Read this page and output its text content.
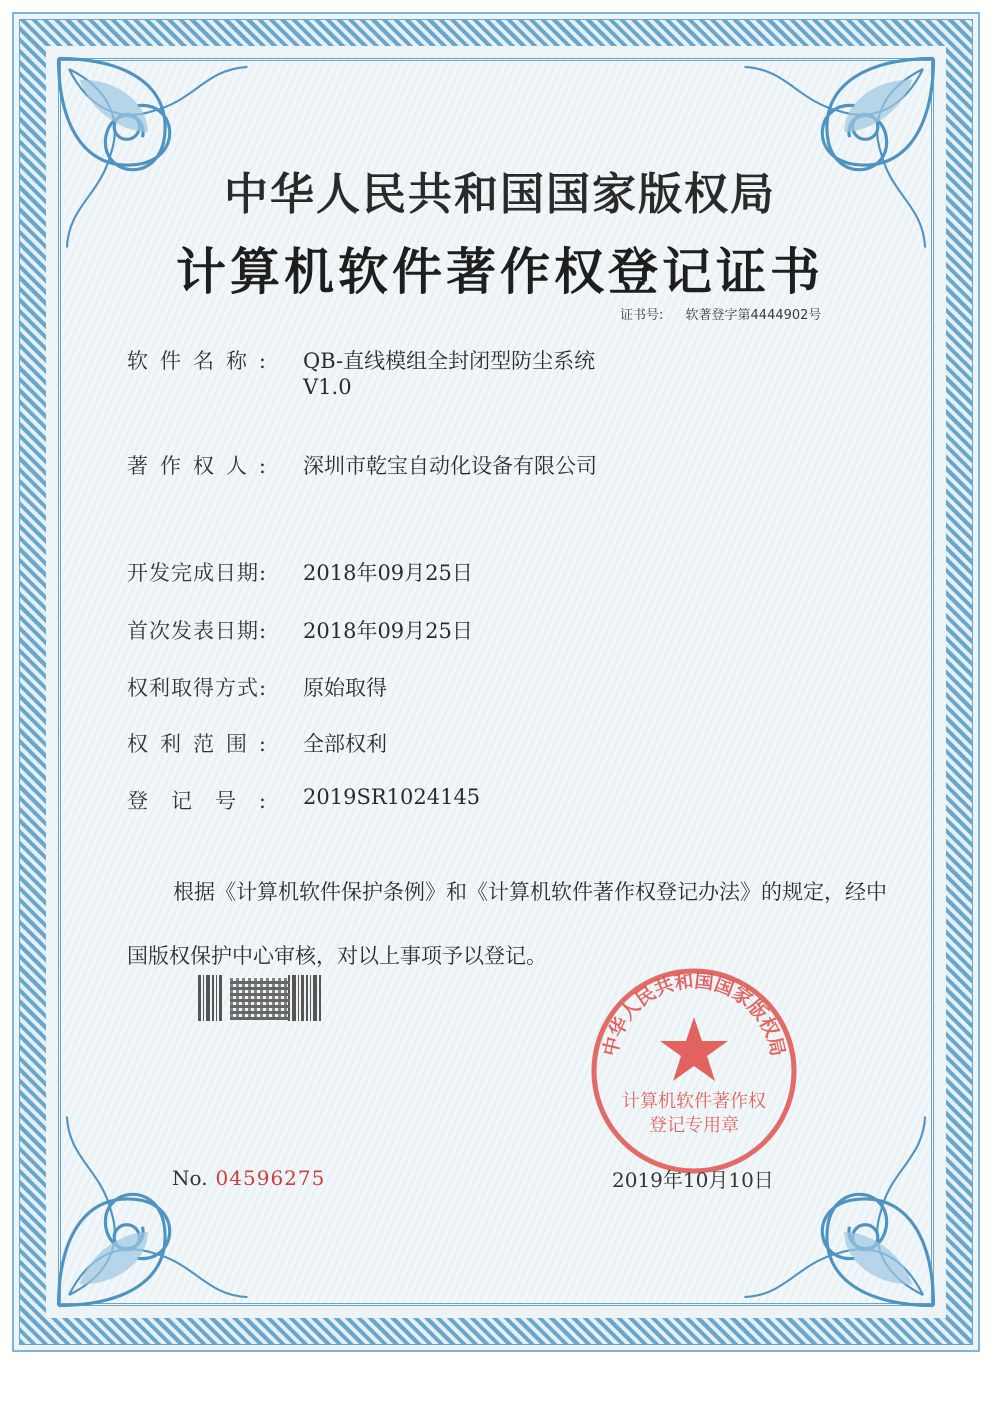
中华人民共和国国家版权局
计算机软件著作权登记证书
证书号: 软著登字第4444902号
软件名称: QB-直线模组全封闭型防尘系统
V1.0
著作权人: 深圳市乾宝自动化设备有限公司
开发完成日期: 2018年09月25日
首次发表日期: 2018年09月25日
权利取得方式: 原始取得
权利范围: 全部权利
登记号: 2019SR1024145
根据《计算机软件保护条例》和《计算机软件著作权登记办法》的规定，经中国版权保护中心审核，对以上事项予以登记。
中华人民共和国国家版权局
计算机软件著作权
登记专用章
No. 04596275	2019年10月10日
